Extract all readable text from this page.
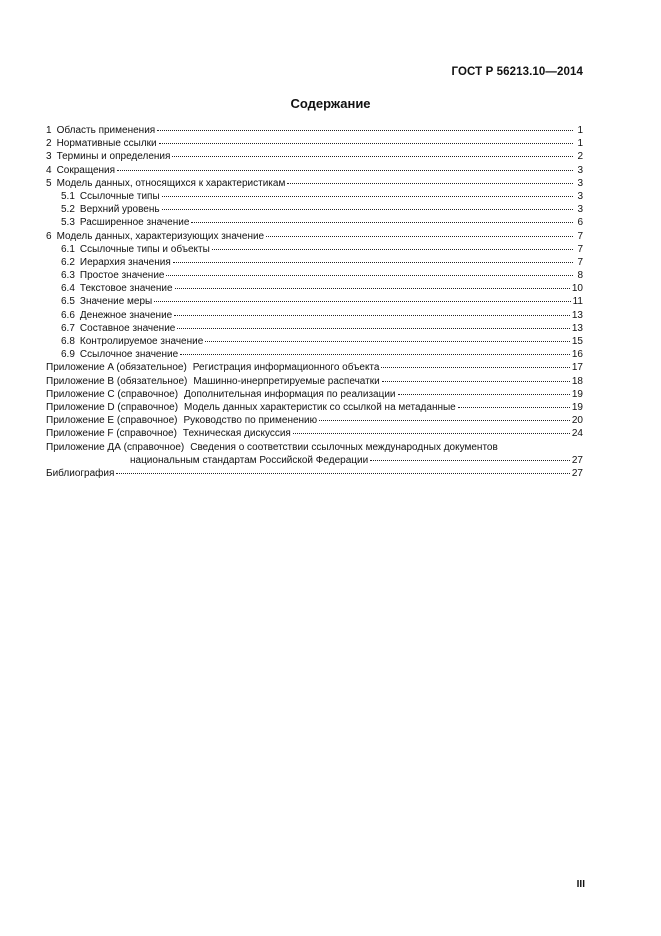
ГОСТ Р 56213.10—2014
Содержание
1 Область применения	1
2 Нормативные ссылки	1
3 Термины и определения	2
4 Сокращения	3
5 Модель данных, относящихся к характеристикам	3
5.1 Ссылочные типы	3
5.2 Верхний уровень	3
5.3 Расширенное значение	6
6 Модель данных, характеризующих значение	7
6.1 Ссылочные типы и объекты	7
6.2 Иерархия значения	7
6.3 Простое значение	8
6.4 Текстовое значение	10
6.5 Значение меры	11
6.6 Денежное значение	13
6.7 Составное значение	13
6.8 Контролируемое значение	15
6.9 Ссылочное значение	16
Приложение A (обязательное) Регистрация информационного объекта	17
Приложение B (обязательное) Машинно-инерпретируемые распечатки	18
Приложение C (справочное) Дополнительная информация по реализации	19
Приложение D (справочное) Модель данных характеристик со ссылкой на метаданные	19
Приложение E (справочное) Руководство по применению	20
Приложение F (справочное) Техническая дискуссия	24
Приложение ДА (справочное) Сведения о соответствии ссылочных международных документов
национальным стандартам Российской Федерации	27
Библиография	27
III
